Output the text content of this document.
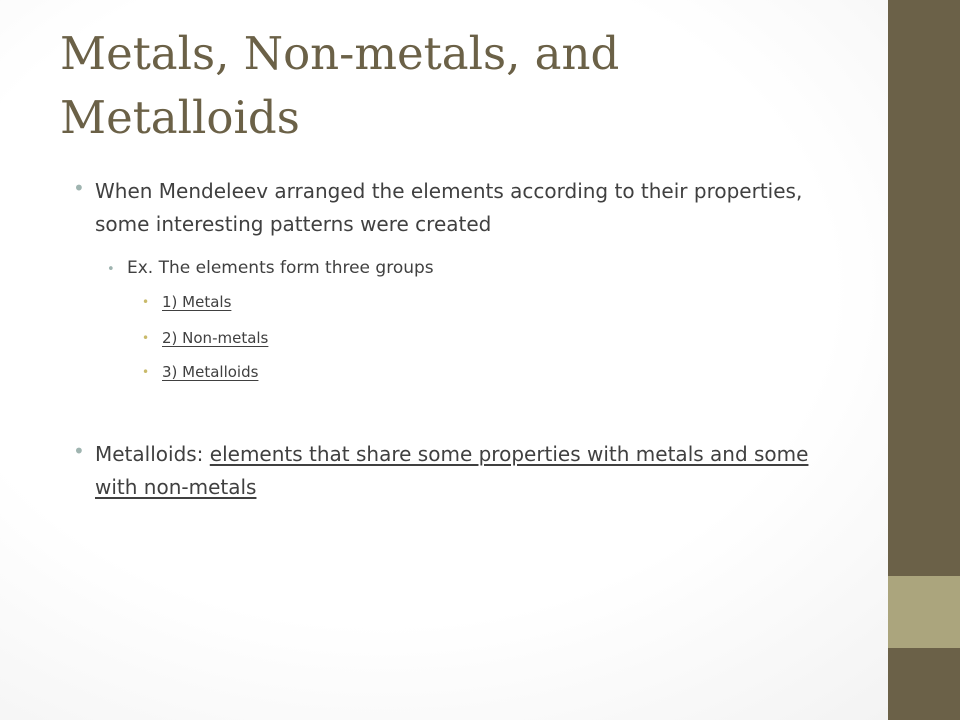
Metals, Non-metals, and Metalloids
• When Mendeleev arranged the elements according to their properties, some interesting patterns were created
• Ex. The elements form three groups
• 1) Metals
• 2) Non-metals
• 3) Metalloids
• Metalloids: elements that share some properties with metals and some with non-metals
